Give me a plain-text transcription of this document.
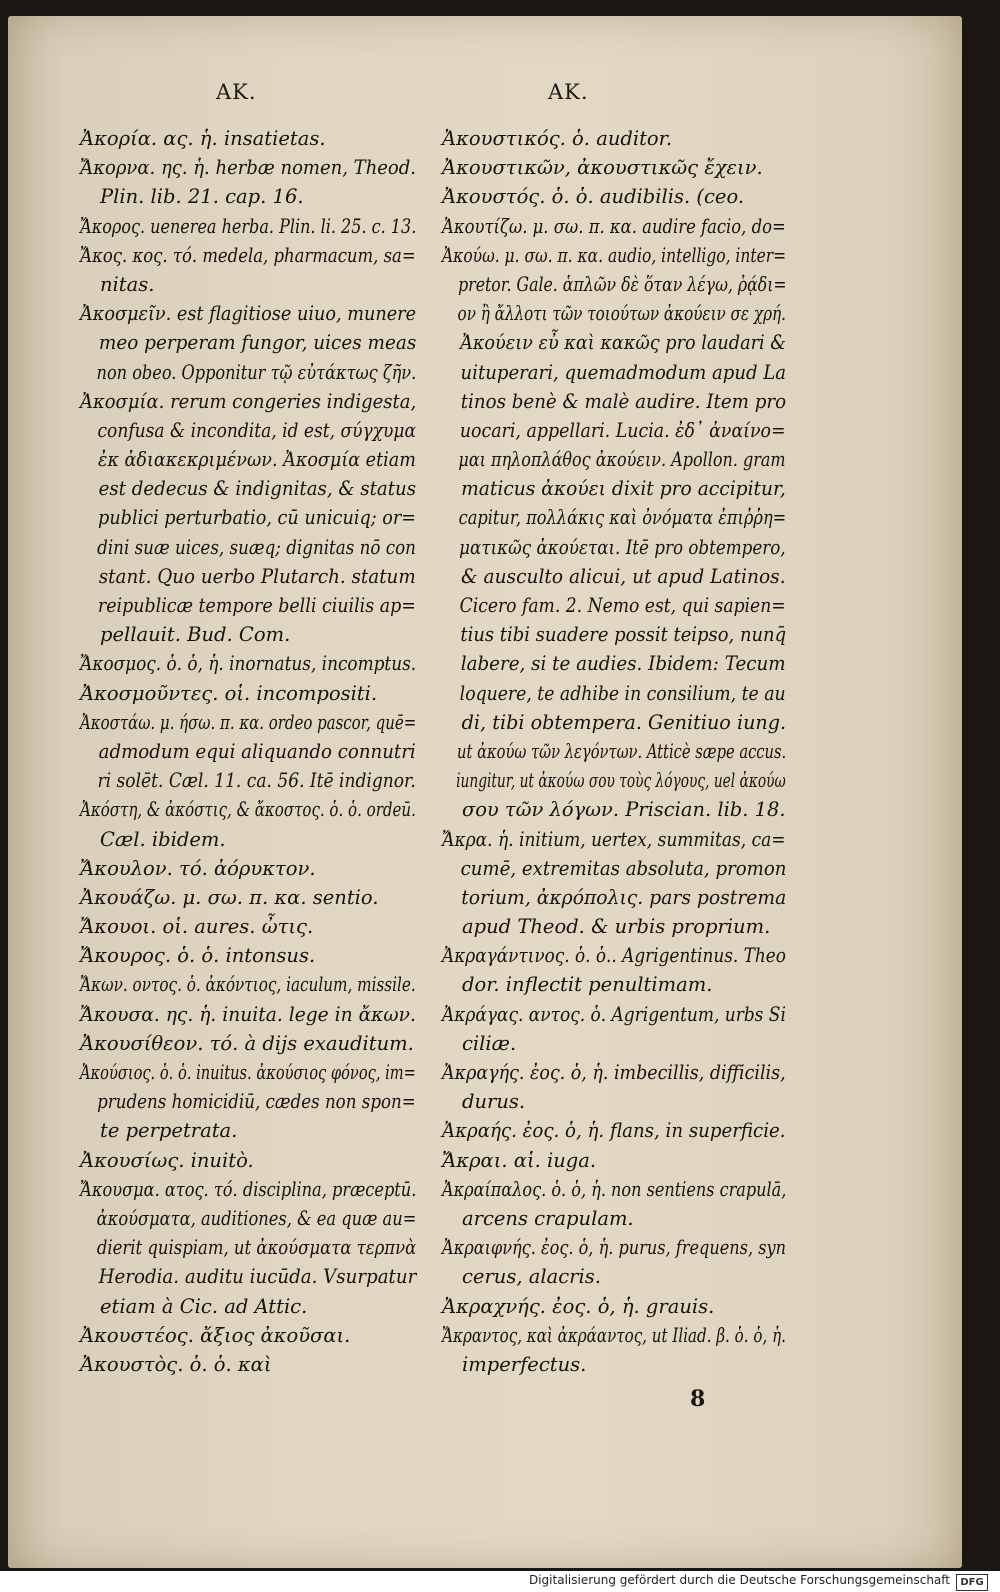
AK.	AK.
Ἀκορία. ας. ἡ. insatietas.
Ἄκορνα. ης. ἡ. herbæ nomen, Theod.
Plin. lib. 21. cap. 16.
Ἄκορος. uenerea herba. Plin. li. 25. c. 13.
Ἄκος. κος. τό. medela, pharmacum, sa=
nitas.
Ἀκοσμεῖν. est flagitiose uiuo, munere
meo perperam fungor, uices meas
non obeo. Opponitur τῷ εὐτάκτως ζῆν.
Ἀκοσμία. rerum congeries indigesta,
confusa & incondita, id est, σύγχυμα
ἐκ ἀδιακεκριμένων. Ἀκοσμία etiam
est dedecus & indignitas, & status
publici perturbatio, cū unicuiq; or=
dini suæ uices, suæq; dignitas nō con
stant. Quo uerbo Plutarch. statum
reipublicæ tempore belli ciuilis ap=
pellauit. Bud. Com.
Ἄκοσμος. ὁ. ὁ, ἡ. inornatus, incomptus.
Ἀκοσμοῦντες. οἱ. incompositi.
Ἀκοστάω. μ. ήσω. π. κα. ordeo pascor, quē=
admodum equi aliquando connutri
ri solēt. Cæl. 11. ca. 56. Itē indignor.
Ἀκόστη, & ἀκόστις, & ἄκοστος. ὁ. ὁ. ordeū.
Cæl. ibidem.
Ἄκουλον. τό. ἀόρυκτον.
Ἀκουάζω. μ. σω. π. κα. sentio.
Ἄκουοι. οἱ. aures. ὦτις.
Ἄκουρος. ὁ. ὁ. intonsus.
Ἄκων. οντος. ὁ. ἀκόντιος, iaculum, missile.
Ἄκουσα. ης. ἡ. inuita. lege in ἄκων.
Ἀκουσίθεον. τό. à dijs exauditum.
Ἀκούσιος. ὁ. ὁ. inuitus. ἀκούσιος φόνος, im=
prudens homicidiū, cædes non spon=
te perpetrata.
Ἀκουσίως. inuitò.
Ἄκουσμα. ατος. τό. disciplina, præceptū.
ἀκούσματα, auditiones, & ea quæ au=
dierit quispiam, ut ἀκούσματα τερπνὰ
Herodia. auditu iucūda. Vsurpatur
etiam à Cic. ad Attic.
Ἀκουστέος. ἄξιος ἀκοῦσαι.
Ἀκουστὸς. ὁ. ὁ. καὶ
Ἀκουστικός. ὁ. auditor.
Ἀκουστικῶν, ἀκουστικῶς ἔχειν.
Ἀκουστός. ὁ. ὁ. audibilis. (ceo.
Ἀκουτίζω. μ. σω. π. κα. audire facio, do=
Ἀκούω. μ. σω. π. κα. audio, intelligo, inter=
pretor. Gale. ἁπλῶν δὲ ὅταν λέγω, ῥᾴδι=
ον ἢ ἄλλοτι τῶν τοιούτων ἀκούειν σε χρή.
Ἀκούειν εὖ καὶ κακῶς pro laudari &
uituperari, quemadmodum apud La
tinos benè & malè audire. Item pro
uocari, appellari. Lucia. ἐδ᾽ ἀναίνο=
μαι πηλοπλάθος ἀκούειν. Apollon. gram
maticus ἀκούει dixit pro accipitur,
capitur, πολλάκις καὶ ὀνόματα ἐπιῤῥη=
ματικῶς ἀκούεται. Itē pro obtempero,
& ausculto alicui, ut apud Latinos.
Cicero fam. 2. Nemo est, qui sapien=
tius tibi suadere possit teipso, nunq̄
labere, si te audies. Ibidem: Tecum
loquere, te adhibe in consilium, te au
di, tibi obtempera. Genitiuo iung.
ut ἀκούω τῶν λεγόντων. Atticè sæpe accus.
iungitur, ut ἀκούω σου τοὺς λόγους, uel ἀκούω
σου τῶν λόγων. Priscian. lib. 18.
Ἄκρα. ἡ. initium, uertex, summitas, ca=
cumē, extremitas absoluta, promon
torium, ἀκρόπολις. pars postrema
apud Theod. & urbis proprium.
Ἀκραγάντινος. ὁ. ὁ.. Agrigentinus. Theo
dor. inflectit penultimam.
Ἀκράγας. αντος. ὁ. Agrigentum, urbs Si
ciliæ.
Ἀκραγής. ἐος. ὁ, ἡ. imbecillis, difficilis,
durus.
Ἀκραής. ἐος. ὁ, ἡ. flans, in superficie.
Ἄκραι. αἱ. iuga.
Ἀκραίπαλος. ὁ. ὁ, ἡ. non sentiens crapulā,
arcens crapulam.
Ἀκραιφνής. ἐος. ὁ, ἡ. purus, frequens, syn
cerus, alacris.
Ἀκραχνής. ἐος. ὁ, ἡ. grauis.
Ἄκραντος, καὶ ἀκράαντος, ut Iliad. β. ὁ. ὁ, ἡ.
imperfectus.
8
Digitalisierung gefördert durch die Deutsche Forschungsgemeinschaft	DFG
